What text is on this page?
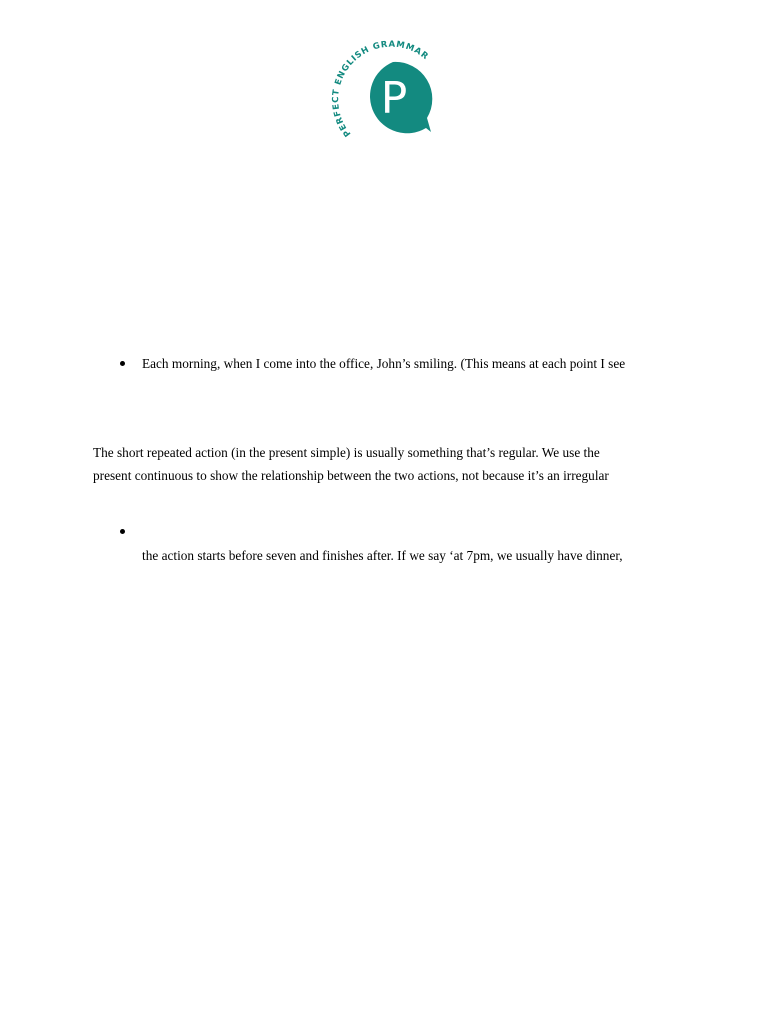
PERFECT ENGLISH GRAMMAR
P
Each morning, when I come into the office, John’s smiling. (This means at each point I see
The short repeated action (in the present simple) is usually something that’s regular. We use the
present continuous to show the relationship between the two actions, not because it’s an irregular
the action starts before seven and finishes after. If we say ‘at 7pm, we usually have dinner,
